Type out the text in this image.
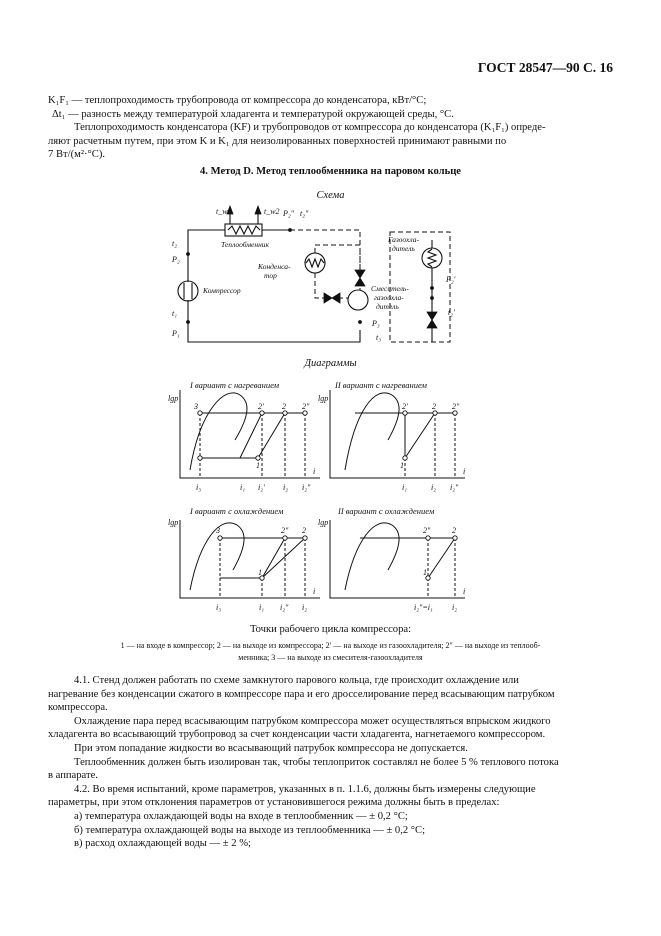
ГОСТ 28547—90 С. 16

K₁F₁ — теплопроходимость трубопровода от компрессора до конденсатора, кВт/°С;

Δt₁ — разность между температурой хладагента и температурой окружающей среды, °С.

Теплопроходимость конденсатора (KF) и трубопроводов от компрессора до конденсатора (K₁F₁) опреде-

ляют расчетным путем, при этом K и K₁ для неизолированных поверхностей принимают равными по

7 Вт/(м²·°С).

4. Метод D. Метод теплообменника на паровом кольце
Схема
t_w1	t_w2 P₂″ t₂″
Теплообменник
Газоохла-
дитель
t₂
P₂
Конденса-
тор	P₂′
Компрессор	Смеситель-
газоохла-
дитель
t₁
P₁
P₃
t₃
t₂′
Диаграммы
I вариант с нагреванием
lgp
3	2′ 2 2″
1
i₃	i₁ i₂′ i₂ i₂″
i
II вариант с нагреванием
lgp
2′	2 2″
1
i₁	i₂ i₂″
i
I вариант с охлаждением
lgp
3	2″ 2
1
i₃	i₁ i₂″ i₂
i
II вариант с охлаждением
lgp
2″	2
1
i₂″=i₁ i₂
i
Точки рабочего цикла компрессора:
1 — на входе в компрессор; 2 — на выходе из компрессора; 2′ — на выходе из газоохладителя; 2″ — на выходе из теплооб-
менника; 3 — на выходе из смесителя-газоохладителя

4.1. Стенд должен работать по схеме замкнутого парового кольца, где происходит охлаждение или

нагревание без конденсации сжатого в компрессоре пара и его дросселирование перед всасывающим патрубком

компрессора.

Охлаждение пара перед всасывающим патрубком компрессора может осуществляться впрыском жидкого

хладагента во всасывающий трубопровод за счет конденсации части хладагента, нагнетаемого компрессором.

При этом попадание жидкости во всасывающий патрубок компрессора не допускается.

Теплообменник должен быть изолирован так, чтобы теплоприток составлял не более 5 % теплового потока

в аппарате.

4.2. Во время испытаний, кроме параметров, указанных в п. 1.1.6, должны быть измерены следующие

параметры, при этом отклонения параметров от установившегося режима должны быть в пределах:

а) температура охлаждающей воды на входе в теплообменник — ± 0,2 °С;

б) температура охлаждающей воды на выходе из теплообменника — ± 0,2 °С;

в) расход охлаждающей воды — ± 2 %;
